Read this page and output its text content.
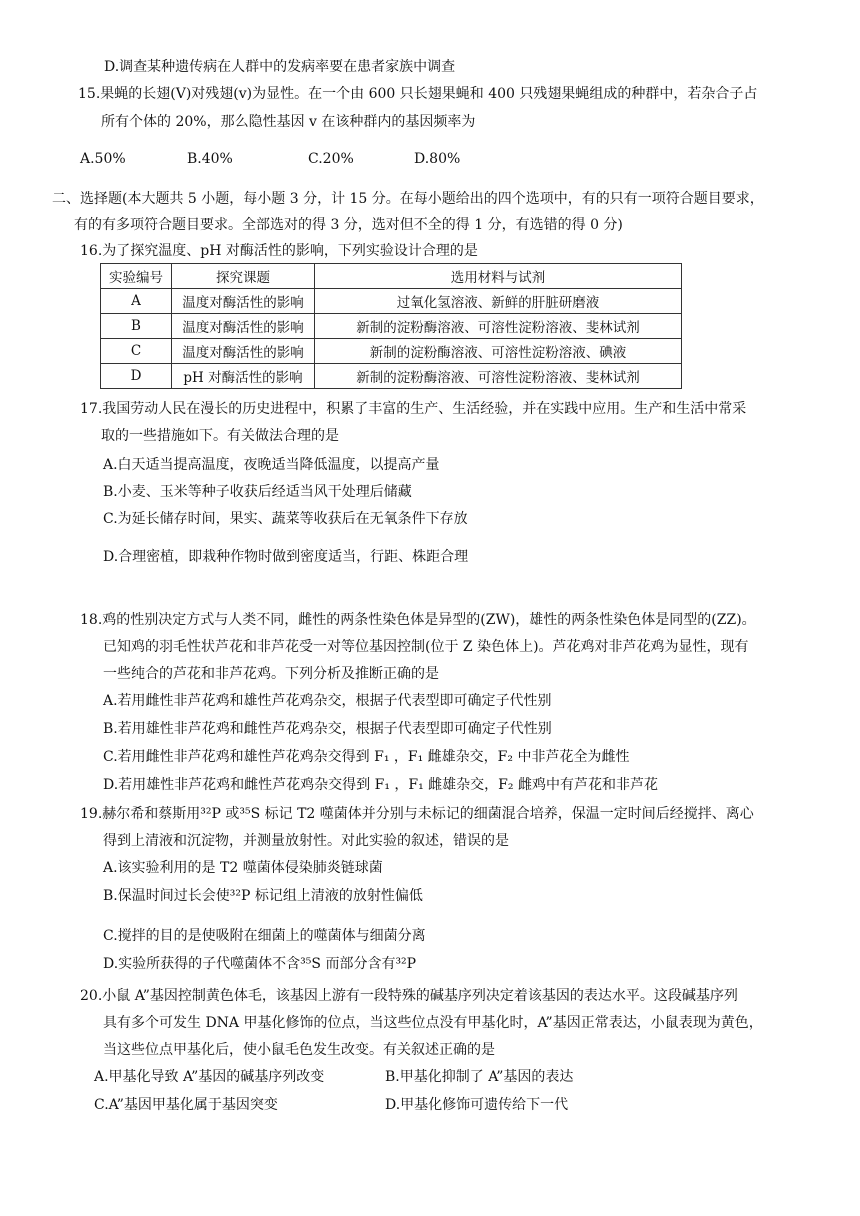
D.调查某种遗传病在人群中的发病率要在患者家族中调查
15.果蝇的长翅(V)对残翅(v)为显性。在一个由 600 只长翅果蝇和 400 只残翅果蝇组成的种群中，若杂合子占
所有个体的 20%，那么隐性基因 v 在该种群内的基因频率为
A.50%	B.40%	C.20%	D.80%
二、选择题(本大题共 5 小题，每小题 3 分，计 15 分。在每小题给出的四个选项中，有的只有一项符合题目要求，
有的有多项符合题目要求。全部选对的得 3 分，选对但不全的得 1 分，有选错的得 0 分)
16.为了探究温度、pH 对酶活性的影响，下列实验设计合理的是
实验编号	探究课题	选用材料与试剂
A	温度对酶活性的影响	过氧化氢溶液、新鲜的肝脏研磨液
B	温度对酶活性的影响	新制的淀粉酶溶液、可溶性淀粉溶液、斐林试剂
C	温度对酶活性的影响	新制的淀粉酶溶液、可溶性淀粉溶液、碘液
D	pH 对酶活性的影响	新制的淀粉酶溶液、可溶性淀粉溶液、斐林试剂
17.我国劳动人民在漫长的历史进程中，积累了丰富的生产、生活经验，并在实践中应用。生产和生活中常采
取的一些措施如下。有关做法合理的是
A.白天适当提高温度，夜晚适当降低温度，以提高产量
B.小麦、玉米等种子收获后经适当风干处理后储藏
C.为延长储存时间，果实、蔬菜等收获后在无氧条件下存放
D.合理密植，即栽种作物时做到密度适当，行距、株距合理
18.鸡的性别决定方式与人类不同，雌性的两条性染色体是异型的(ZW)，雄性的两条性染色体是同型的(ZZ)。
已知鸡的羽毛性状芦花和非芦花受一对等位基因控制(位于 Z 染色体上)。芦花鸡对非芦花鸡为显性，现有
一些纯合的芦花和非芦花鸡。下列分析及推断正确的是
A.若用雌性非芦花鸡和雄性芦花鸡杂交，根据子代表型即可确定子代性别
B.若用雄性非芦花鸡和雌性芦花鸡杂交，根据子代表型即可确定子代性别
C.若用雌性非芦花鸡和雄性芦花鸡杂交得到 F₁ ，F₁ 雌雄杂交，F₂ 中非芦花全为雌性
D.若用雄性非芦花鸡和雌性芦花鸡杂交得到 F₁ ，F₁ 雌雄杂交，F₂ 雌鸡中有芦花和非芦花
19.赫尔希和蔡斯用³²P 或³⁵S 标记 T2 噬菌体并分别与未标记的细菌混合培养，保温一定时间后经搅拌、离心
得到上清液和沉淀物，并测量放射性。对此实验的叙述，错误的是
A.该实验利用的是 T2 噬菌体侵染肺炎链球菌
B.保温时间过长会使³²P 标记组上清液的放射性偏低
C.搅拌的目的是使吸附在细菌上的噬菌体与细菌分离
D.实验所获得的子代噬菌体不含³⁵S 而部分含有³²P
20.小鼠 A”基因控制黄色体毛，该基因上游有一段特殊的碱基序列决定着该基因的表达水平。这段碱基序列
具有多个可发生 DNA 甲基化修饰的位点，当这些位点没有甲基化时，A”基因正常表达，小鼠表现为黄色，
当这些位点甲基化后，使小鼠毛色发生改变。有关叙述正确的是
A.甲基化导致 A”基因的碱基序列改变	B.甲基化抑制了 A”基因的表达
C.A”基因甲基化属于基因突变	D.甲基化修饰可遗传给下一代
